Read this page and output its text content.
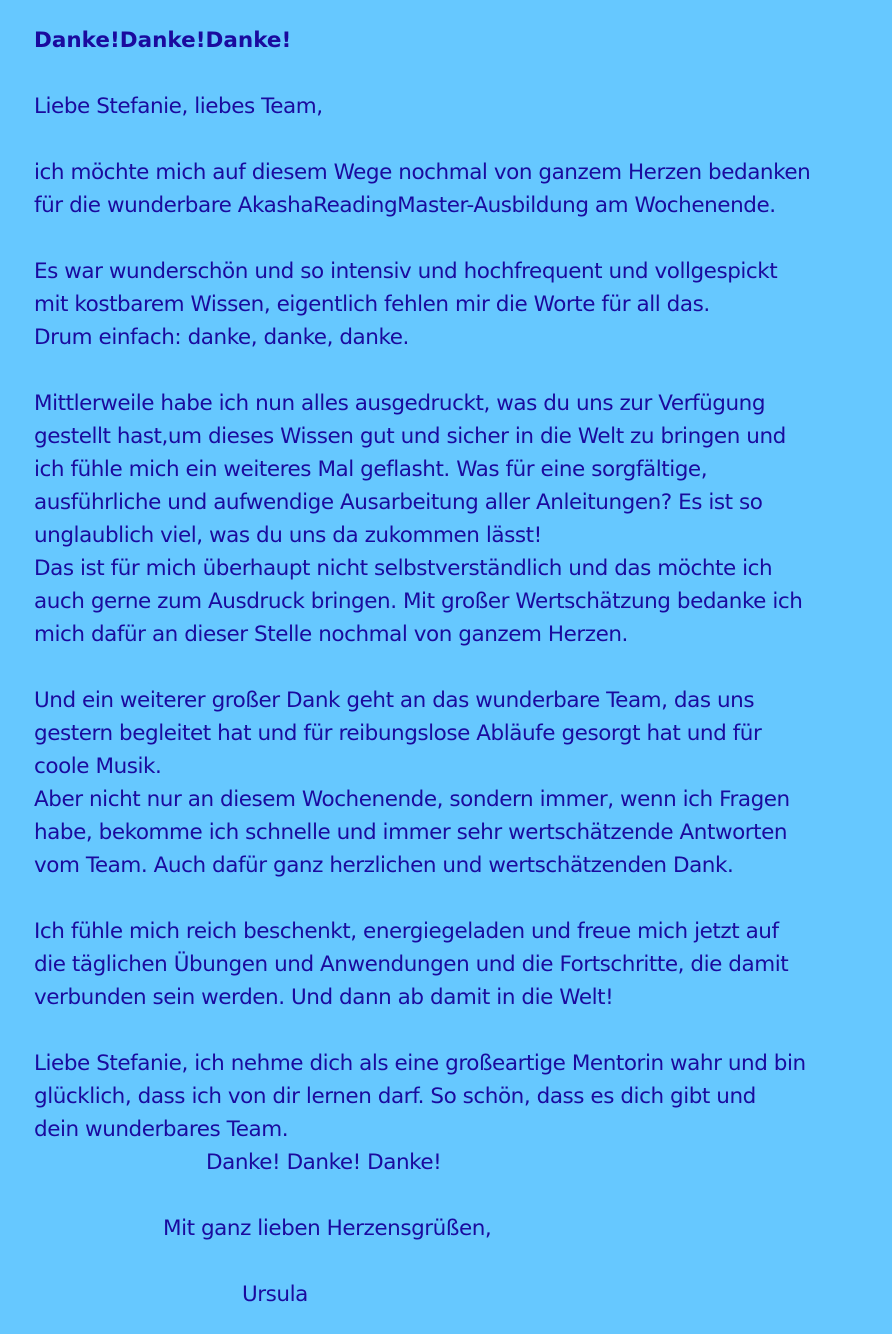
Danke!Danke!Danke!
Liebe Stefanie, liebes Team,
ich möchte mich auf diesem Wege nochmal von ganzem Herzen bedanken
für die wunderbare AkashaReadingMaster-Ausbildung am Wochenende.
Es war wunderschön und so intensiv und hochfrequent und vollgespickt
mit kostbarem Wissen, eigentlich fehlen mir die Worte für all das.
Drum einfach: danke, danke, danke.
Mittlerweile habe ich nun alles ausgedruckt, was du uns zur Verfügung
gestellt hast,um dieses Wissen gut und sicher in die Welt zu bringen und
ich fühle mich ein weiteres Mal geflasht. Was für eine sorgfältige,
ausführliche und aufwendige Ausarbeitung aller Anleitungen? Es ist so
unglaublich viel, was du uns da zukommen lässt!
Das ist für mich überhaupt nicht selbstverständlich und das möchte ich
auch gerne zum Ausdruck bringen. Mit großer Wertschätzung bedanke ich
mich dafür an dieser Stelle nochmal von ganzem Herzen.
Und ein weiterer großer Dank geht an das wunderbare Team, das uns
gestern begleitet hat und für reibungslose Abläufe gesorgt hat und für
coole Musik.
Aber nicht nur an diesem Wochenende, sondern immer, wenn ich Fragen
habe, bekomme ich schnelle und immer sehr wertschätzende Antworten
vom Team. Auch dafür ganz herzlichen und wertschätzenden Dank.
Ich fühle mich reich beschenkt, energiegeladen und freue mich jetzt auf
die täglichen Übungen und Anwendungen und die Fortschritte, die damit
verbunden sein werden. Und dann ab damit in die Welt!
Liebe Stefanie, ich nehme dich als eine großeartige Mentorin wahr und bin
glücklich, dass ich von dir lernen darf. So schön, dass es dich gibt und
dein wunderbares Team.
Danke! Danke! Danke!
Mit ganz lieben Herzensgrüßen,
Ursula
